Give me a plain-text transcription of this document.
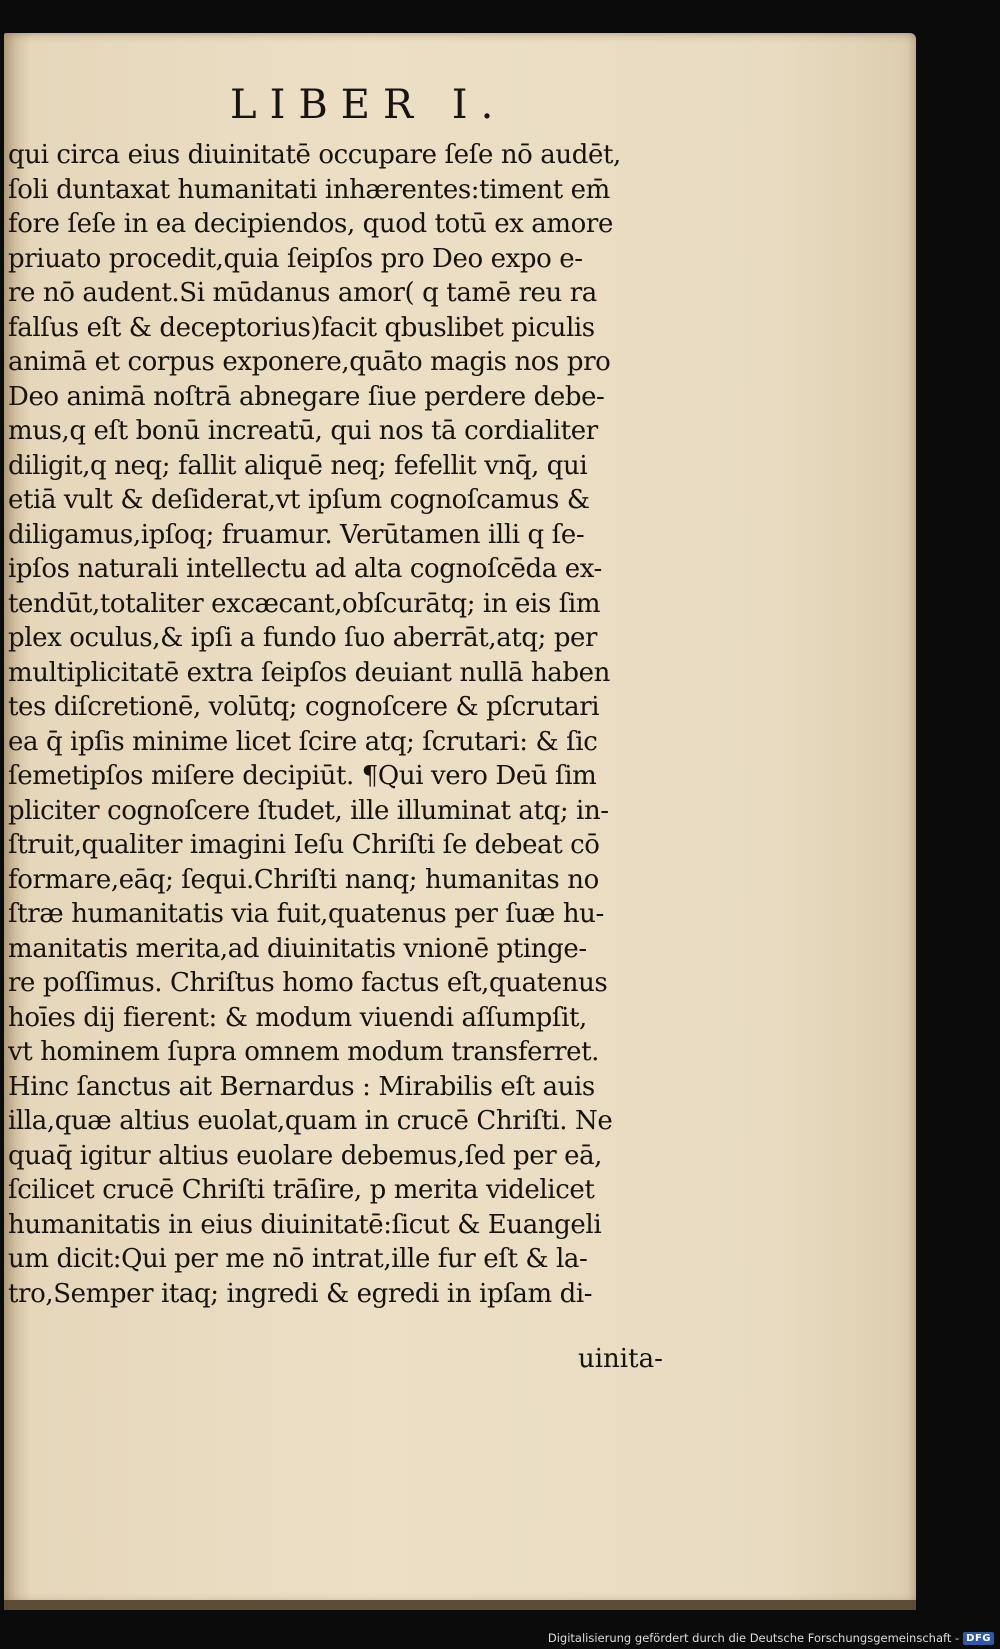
LIBER I.
qui circa eius diuinitatē occupare ſeſe nō audēt,
ſoli duntaxat humanitati inhærentes:timent em̄
fore ſeſe in ea decipiendos, quod totū ex amore
priuato procedit,quia ſeipſos pro Deo expo e-
re nō audent.Si mūdanus amor( q tamē reu ra
falſus eſt & deceptorius)facit qbuslibet piculis
animā et corpus exponere,quāto magis nos pro
Deo animā noſtrā abnegare ſiue perdere debe-
mus,q eſt bonū increatū, qui nos tā cordialiter
diligit,q neq; fallit aliquē neq; fefellit vnq̄, qui
etiā vult & deſiderat,vt ipſum cognoſcamus &
diligamus,ipſoq; fruamur. Verūtamen illi q ſe-
ipſos naturali intellectu ad alta cognoſcēda ex-
tendūt,totaliter excæcant,obſcurātq; in eis ſim
plex oculus,& ipſi a fundo ſuo aberrāt,atq; per
multiplicitatē extra ſeipſos deuiant nullā haben
tes diſcretionē, volūtq; cognoſcere & pſcrutari
ea q̄ ipſis minime licet ſcire atq; ſcrutari: & ſic
ſemetipſos miſere decipiūt. ¶Qui vero Deū ſim
pliciter cognoſcere ſtudet, ille illuminat atq; in-
ſtruit,qualiter imagini Ieſu Chriſti ſe debeat cō
formare,eāq; ſequi.Chriſti nanq; humanitas no
ſtræ humanitatis via fuit,quatenus per ſuæ hu-
manitatis merita,ad diuinitatis vnionē ptinge-
re poſſimus. Chriſtus homo factus eſt,quatenus
hoīes dij fierent: & modum viuendi aſſumpſit,
vt hominem ſupra omnem modum transferret.
Hinc ſanctus ait Bernardus : Mirabilis eſt auis
illa,quæ altius euolat,quam in crucē Chriſti. Ne
quaq̄ igitur altius euolare debemus,ſed per eā,
ſcilicet crucē Chriſti trāſire, p merita videlicet
humanitatis in eius diuinitatē:ſicut & Euangeli
um dicit:Qui per me nō intrat,ille fur eſt & la-
tro,Semper itaq; ingredi & egredi in ipſam di-
uinita-
Digitalisierung gefördert durch die Deutsche Forschungsgemeinschaft - DFG
